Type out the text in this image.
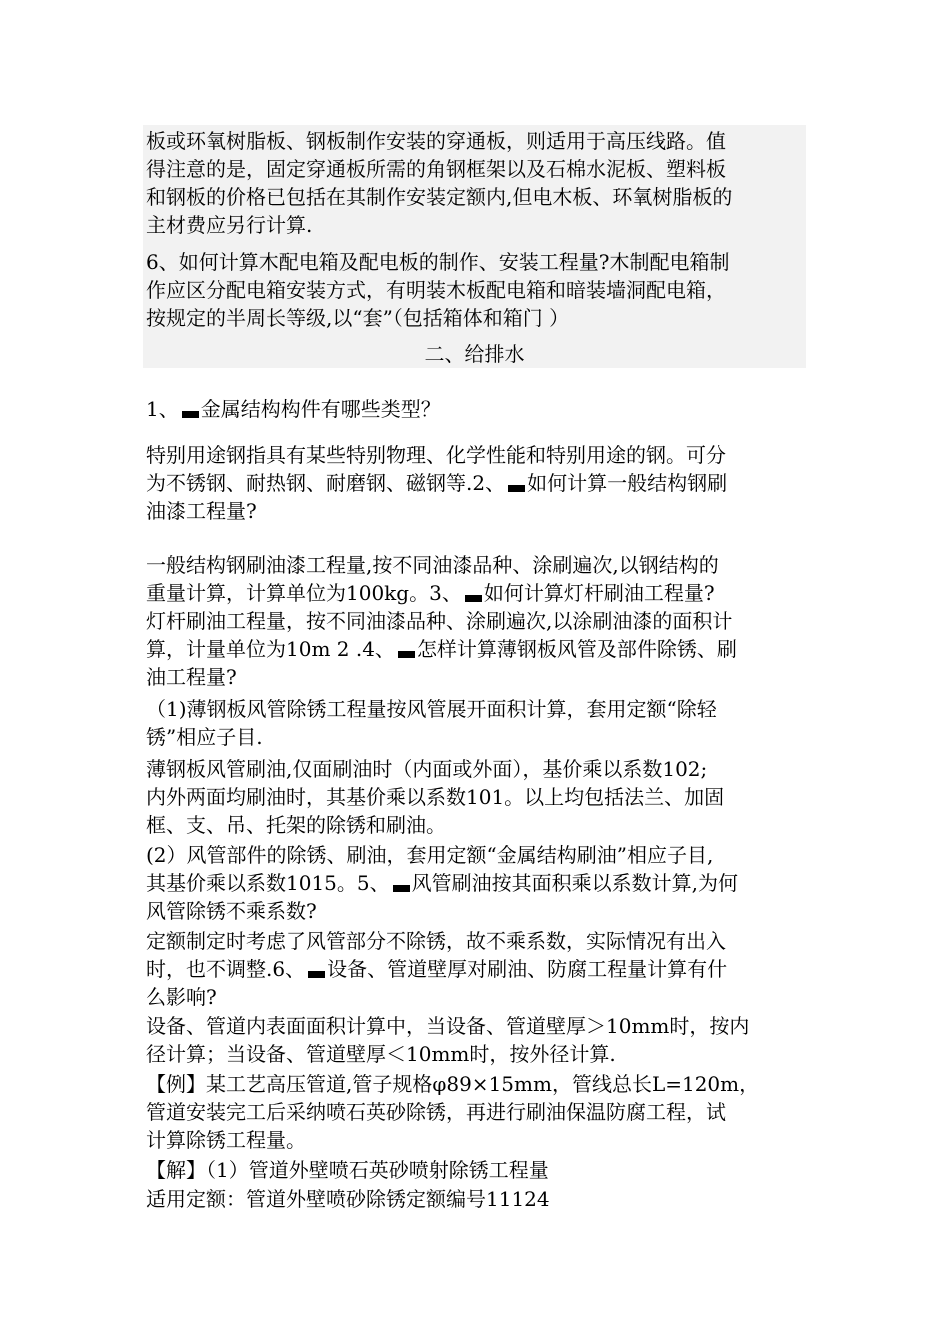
板或环氧树脂板、钢板制作安装的穿通板，则适用于高压线路。值
得注意的是，固定穿通板所需的角钢框架以及石棉水泥板、塑料板
和钢板的价格已包括在其制作安装定额内,但电木板、环氧树脂板的
主材费应另行计算.
6、如何计算木配电箱及配电板的制作、安装工程量?木制配电箱制
作应区分配电箱安装方式，有明装木板配电箱和暗装墙洞配电箱，
按规定的半周长等级,以“套”（包括箱体和箱门 ）
二、给排水
1、 金属结构构件有哪些类型？
特别用途钢指具有某些特别物理、化学性能和特别用途的钢。可分
为不锈钢、耐热钢、耐磨钢、磁钢等.2、 如何计算一般结构钢刷
油漆工程量?
一般结构钢刷油漆工程量,按不同油漆品种、涂刷遍次,以钢结构的
重量计算，计算单位为100kg。3、 如何计算灯杆刷油工程量?
灯杆刷油工程量，按不同油漆品种、涂刷遍次,以涂刷油漆的面积计
算，计量单位为10m 2 .4、 怎样计算薄钢板风管及部件除锈、刷
油工程量?
（1)薄钢板风管除锈工程量按风管展开面积计算，套用定额“除轻
锈”相应子目.
薄钢板风管刷油,仅面刷油时（内面或外面），基价乘以系数102;
内外两面均刷油时，其基价乘以系数101。以上均包括法兰、加固
框、支、吊、托架的除锈和刷油。
(2）风管部件的除锈、刷油，套用定额“金属结构刷油”相应子目,
其基价乘以系数1015。5、 风管刷油按其面积乘以系数计算,为何
风管除锈不乘系数?
定额制定时考虑了风管部分不除锈，故不乘系数，实际情况有出入
时，也不调整.6、 设备、管道壁厚对刷油、防腐工程量计算有什
么影响?
设备、管道内表面面积计算中，当设备、管道壁厚＞10mm时，按内
径计算；当设备、管道壁厚＜10mm时，按外径计算.
【例】某工艺高压管道,管子规格φ89×15mm，管线总长L=120m，
管道安装完工后采纳喷石英砂除锈，再进行刷油保温防腐工程，试
计算除锈工程量。
【解】（1）管道外壁喷石英砂喷射除锈工程量
适用定额：管道外壁喷砂除锈定额编号11124
